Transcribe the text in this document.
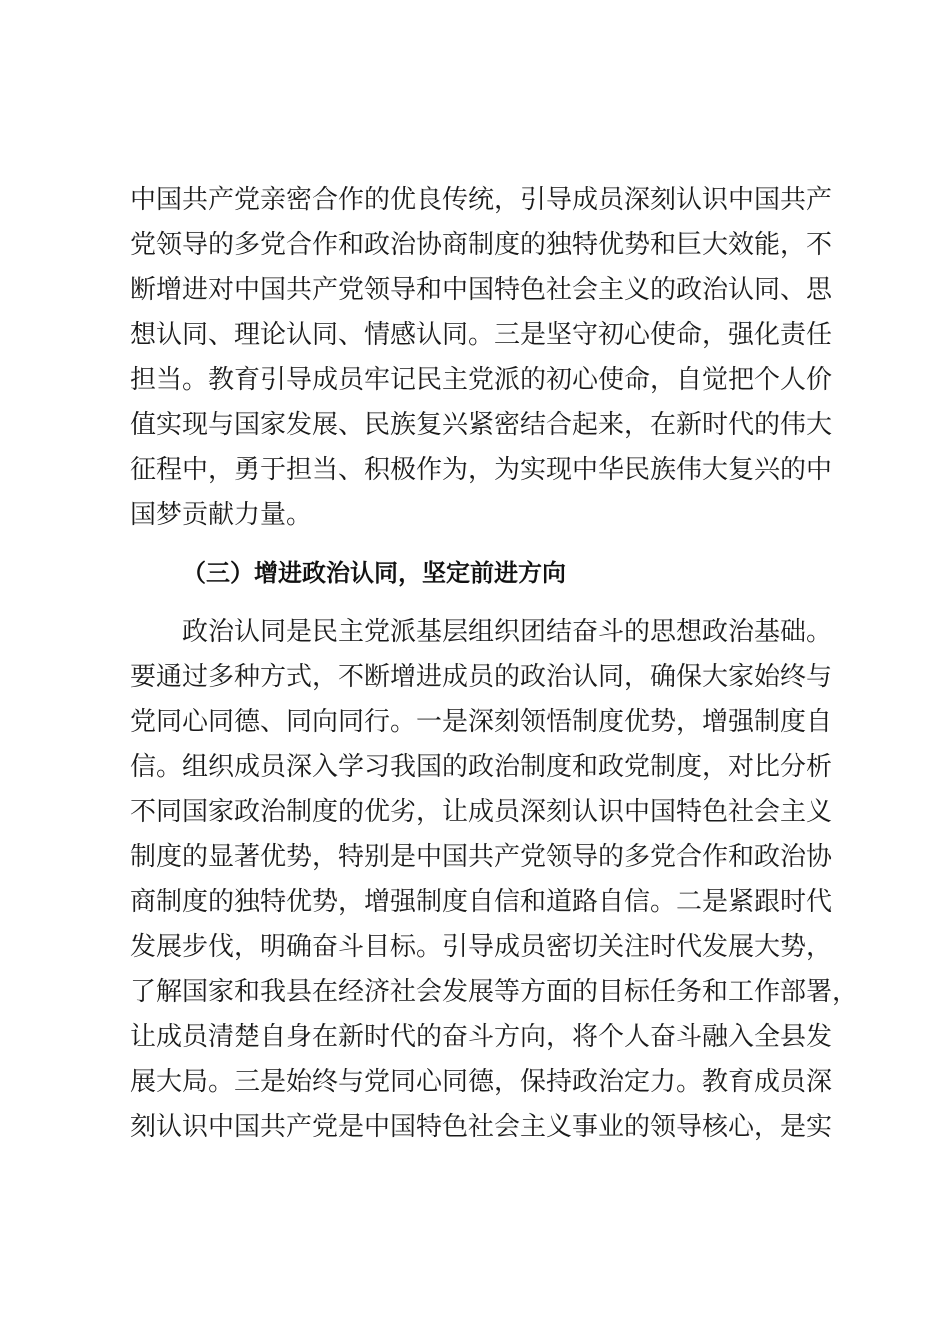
中国共产党亲密合作的优良传统，引导成员深刻认识中国共产
党领导的多党合作和政治协商制度的独特优势和巨大效能，不
断增进对中国共产党领导和中国特色社会主义的政治认同、思
想认同、理论认同、情感认同。三是坚守初心使命，强化责任
担当。教育引导成员牢记民主党派的初心使命，自觉把个人价
值实现与国家发展、民族复兴紧密结合起来，在新时代的伟大
征程中，勇于担当、积极作为，为实现中华民族伟大复兴的中
国梦贡献力量。
（三）增进政治认同，坚定前进方向
政治认同是民主党派基层组织团结奋斗的思想政治基础。
要通过多种方式，不断增进成员的政治认同，确保大家始终与
党同心同德、同向同行。一是深刻领悟制度优势，增强制度自
信。组织成员深入学习我国的政治制度和政党制度，对比分析
不同国家政治制度的优劣，让成员深刻认识中国特色社会主义
制度的显著优势，特别是中国共产党领导的多党合作和政治协
商制度的独特优势，增强制度自信和道路自信。二是紧跟时代
发展步伐，明确奋斗目标。引导成员密切关注时代发展大势，
了解国家和我县在经济社会发展等方面的目标任务和工作部署，
让成员清楚自身在新时代的奋斗方向，将个人奋斗融入全县发
展大局。三是始终与党同心同德，保持政治定力。教育成员深
刻认识中国共产党是中国特色社会主义事业的领导核心，是实
